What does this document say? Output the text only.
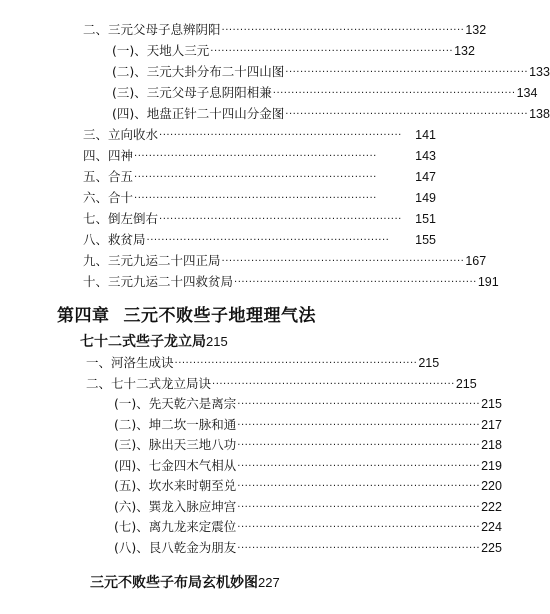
二、三元父母子息辨阴阳 ·································································· 132
(一)、天地人三元 ·································································· 132
(二)、三元大卦分布二十四山图 ·································································· 133
(三)、三元父母子息阴阳相兼 ·································································· 134
(四)、地盘正针二十四山分金图 ·································································· 138
三、立向收水 ··································································	141
四、四神 ··································································	143
五、合五 ··································································	147
六、合十 ··································································	149
七、倒左倒右 ··································································	151
八、救贫局 ··································································	155
九、三元九运二十四正局 ·································································· 167
十、三元九运二十四救贫局 ·································································· 191
第四章 三元不败些子地理理气法
七十二式些子龙立局215
一、河洛生成诀 ·································································· 215
二、七十二式龙立局诀 ·································································· 215
(一)、先天乾六是离宗 ·································································· 215
(二)、坤二坎一脉和通 ·································································· 217
(三)、脉出天三地八功 ·································································· 218
(四)、七金四木气相从 ·································································· 219
(五)、坎水来时朝至兑 ·································································· 220
(六)、巽龙入脉应坤宫 ·································································· 222
(七)、离九龙来定震位 ·································································· 224
(八)、艮八乾金为朋友 ·································································· 225
三元不败些子布局玄机妙图227
